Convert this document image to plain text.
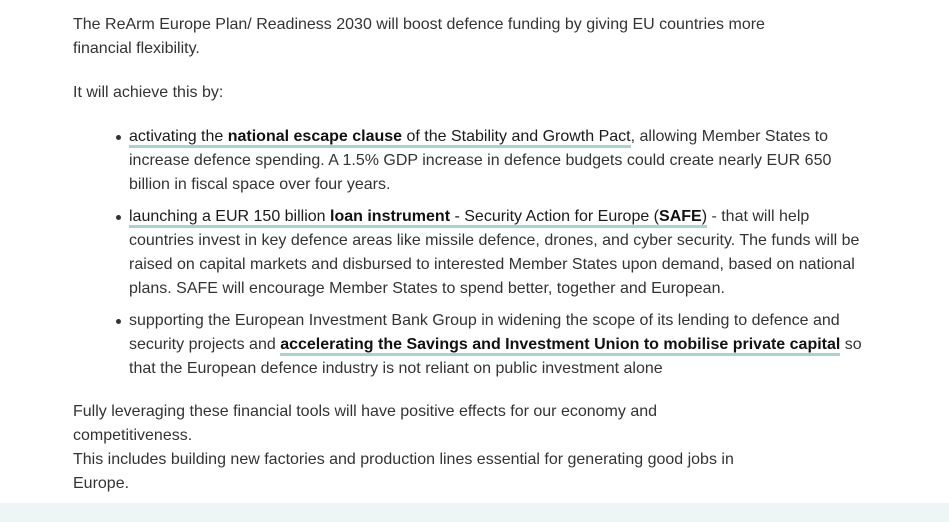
The ReArm Europe Plan/ Readiness 2030 will boost defence funding by giving EU countries more financial flexibility.

It will achieve this by:

activating the national escape clause of the Stability and Growth Pact, allowing Member States to increase defence spending. A 1.5% GDP increase in defence budgets could create nearly EUR 650 billion in fiscal space over four years.
launching a EUR 150 billion loan instrument - Security Action for Europe (SAFE) - that will help countries invest in key defence areas like missile defence, drones, and cyber security. The funds will be raised on capital markets and disbursed to interested Member States upon demand, based on national plans. SAFE will encourage Member States to spend better, together and European.
supporting the European Investment Bank Group in widening the scope of its lending to defence and security projects and accelerating the Savings and Investment Union to mobilise private capital so that the European defence industry is not reliant on public investment alone

Fully leveraging these financial tools will have positive effects for our economy and competitiveness.
This includes building new factories and production lines essential for generating good jobs in Europe.
